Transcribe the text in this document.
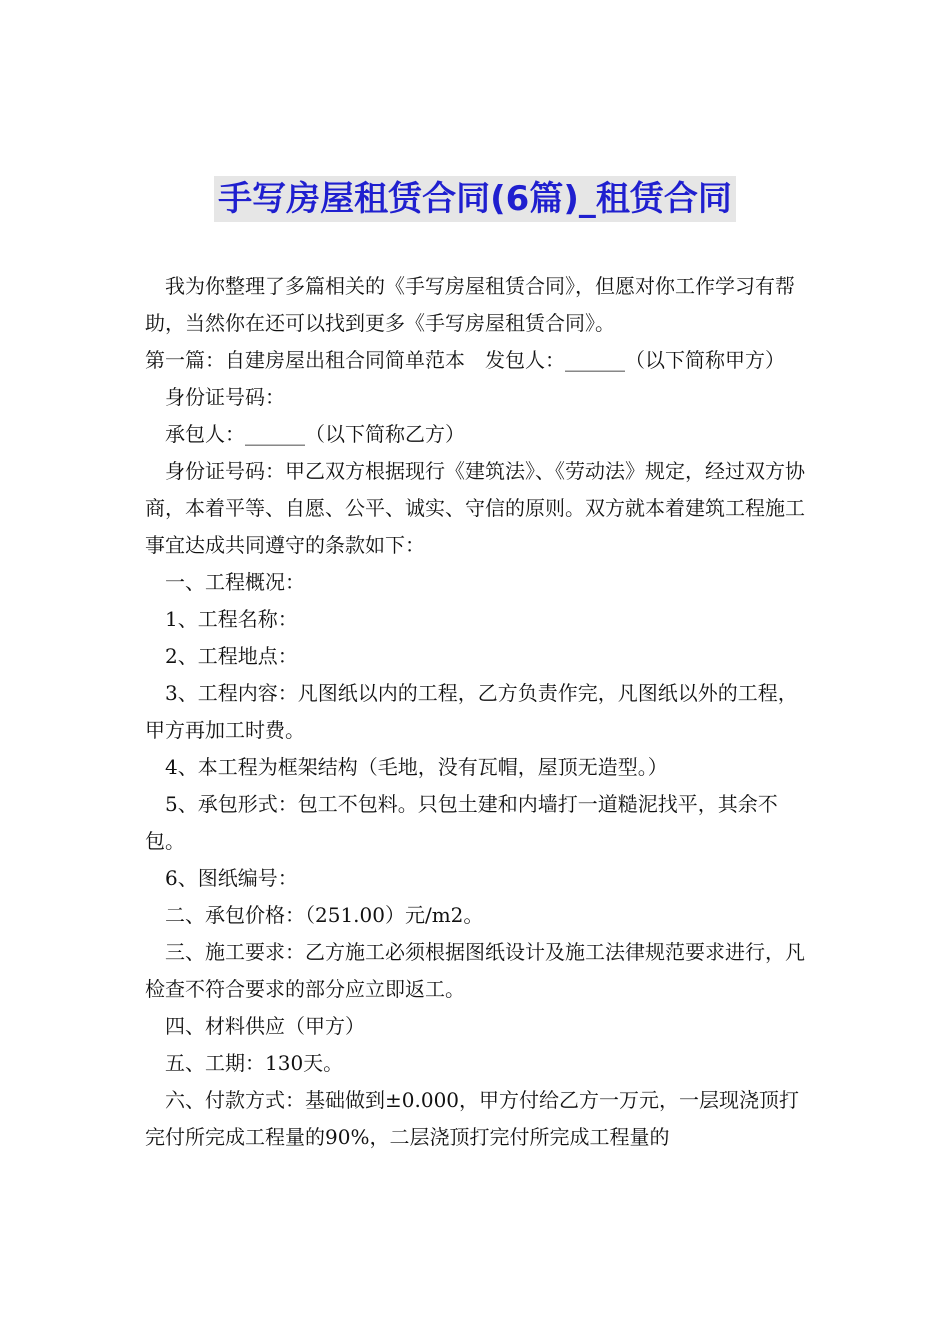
手写房屋租赁合同(6篇)_租赁合同

我为你整理了多篇相关的《手写房屋租赁合同》，但愿对你工作学习有帮助，当然你在还可以找到更多《手写房屋租赁合同》。

第一篇：自建房屋出租合同简单范本　发包人：______（以下简称甲方）

身份证号码：

承包人：______（以下简称乙方）

身份证号码：甲乙双方根据现行《建筑法》、《劳动法》规定，经过双方协商，本着平等、自愿、公平、诚实、守信的原则。双方就本着建筑工程施工事宜达成共同遵守的条款如下：

一、工程概况：

1、工程名称：

2、工程地点：

3、工程内容：凡图纸以内的工程，乙方负责作完，凡图纸以外的工程，甲方再加工时费。

4、本工程为框架结构（毛地，没有瓦帽，屋顶无造型。）

5、承包形式：包工不包料。只包土建和内墙打一道糙泥找平，其余不包。

6、图纸编号：

二、承包价格：（251.00）元/m2。

三、施工要求：乙方施工必须根据图纸设计及施工法律规范要求进行，凡检查不符合要求的部分应立即返工。

四、材料供应（甲方）

五、工期：130天。

六、付款方式：基础做到±0.000，甲方付给乙方一万元，一层现浇顶打完付所完成工程量的90%，二层浇顶打完付所完成工程量的
